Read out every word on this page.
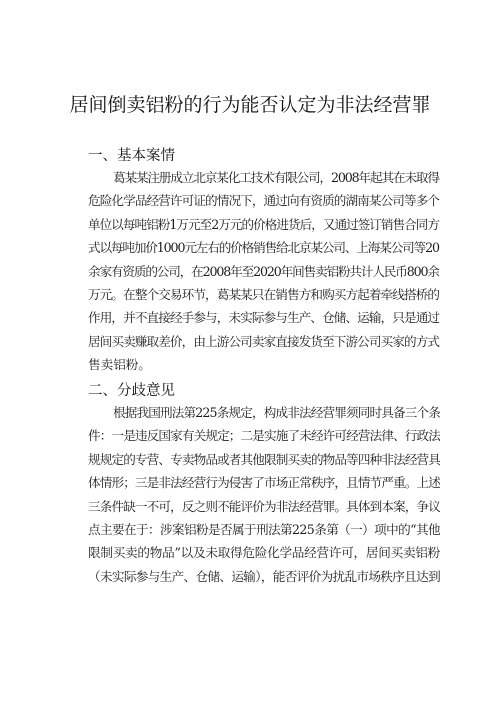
居间倒卖铝粉的行为能否认定为非法经营罪
一、基本案情
葛某某注册成立北京某化工技术有限公司，2008年起其在未取得
危险化学品经营许可证的情况下，通过向有资质的湖南某公司等多个
单位以每吨铝粉1万元至2万元的价格进货后，又通过签订销售合同方
式以每吨加价1000元左右的价格销售给北京某公司、上海某公司等20
余家有资质的公司，在2008年至2020年间售卖铝粉共计人民币800余
万元。在整个交易环节，葛某某只在销售方和购买方起着牵线搭桥的
作用，并不直接经手参与，未实际参与生产、仓储、运输，只是通过
居间买卖赚取差价，由上游公司卖家直接发货至下游公司买家的方式
售卖铝粉。
二、分歧意见
根据我国刑法第225条规定，构成非法经营罪须同时具备三个条
件：一是违反国家有关规定；二是实施了未经许可经营法律、行政法
规规定的专营、专卖物品或者其他限制买卖的物品等四种非法经营具
体情形；三是非法经营行为侵害了市场正常秩序，且情节严重。上述
三条件缺一不可，反之则不能评价为非法经营罪。具体到本案，争议
点主要在于：涉案铝粉是否属于刑法第225条第（一）项中的“其他
限制买卖的物品”以及未取得危险化学品经营许可，居间买卖铝粉
（未实际参与生产、仓储、运输），能否评价为扰乱市场秩序且达到
